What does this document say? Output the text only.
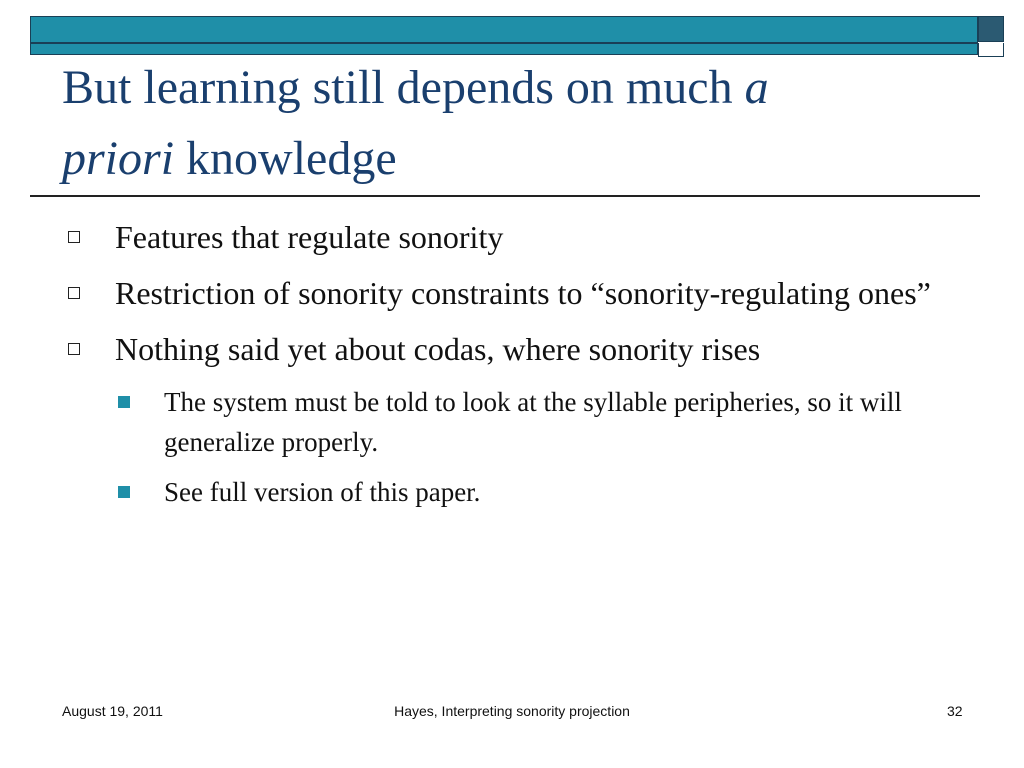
But learning still depends on much a
priori knowledge
Features that regulate sonority
Restriction of sonority constraints to “sonority-regulating ones”
Nothing said yet about codas, where sonority rises
The system must be told to look at the syllable peripheries, so it will generalize properly.
See full version of this paper.
August 19, 2011	Hayes, Interpreting sonority projection	32
